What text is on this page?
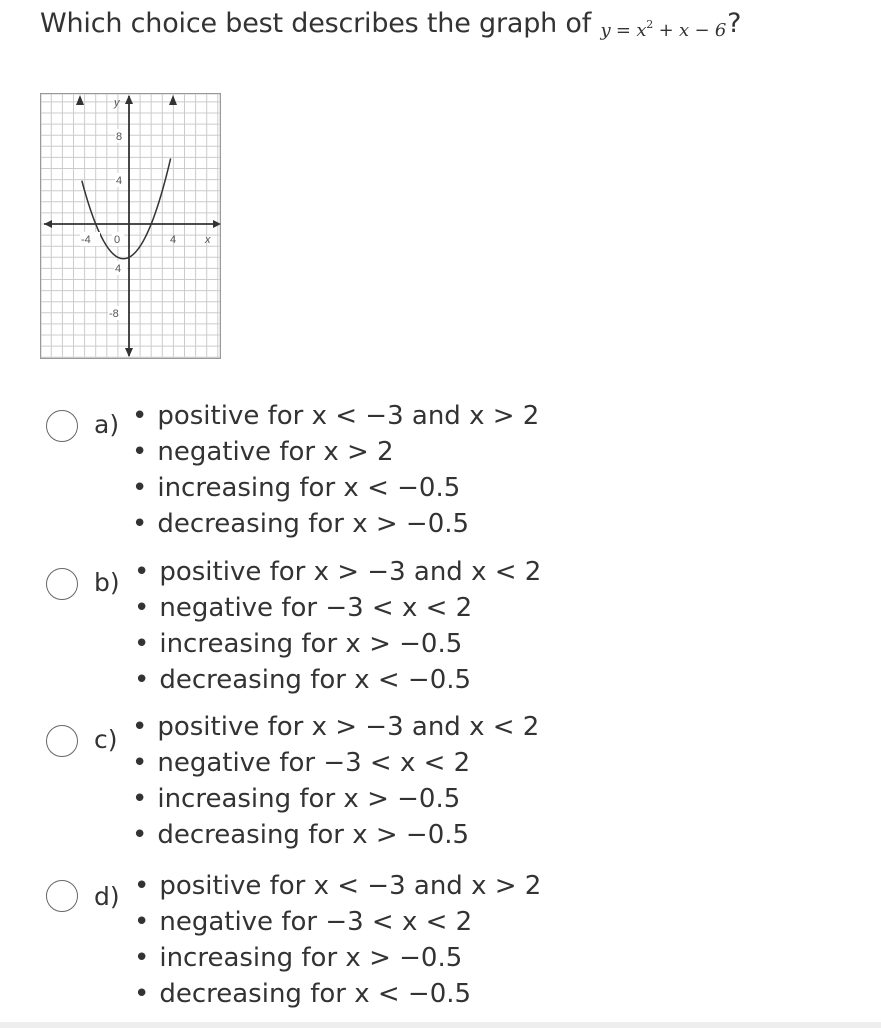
Which choice best describes the graph of $y = x^2 + x - 6$?
y
x
8
4
-4 0	4
4
-8
a)	• positive for x < −3 and x > 2
• negative for x > 2
• increasing for x < −0.5
• decreasing for x > −0.5
b)	• positive for x > −3 and x < 2
• negative for −3 < x < 2
• increasing for x > −0.5
• decreasing for x < −0.5
c)	• positive for x > −3 and x < 2
• negative for −3 < x < 2
• increasing for x > −0.5
• decreasing for x > −0.5
d)	• positive for x < −3 and x > 2
• negative for −3 < x < 2
• increasing for x > −0.5
• decreasing for x < −0.5
